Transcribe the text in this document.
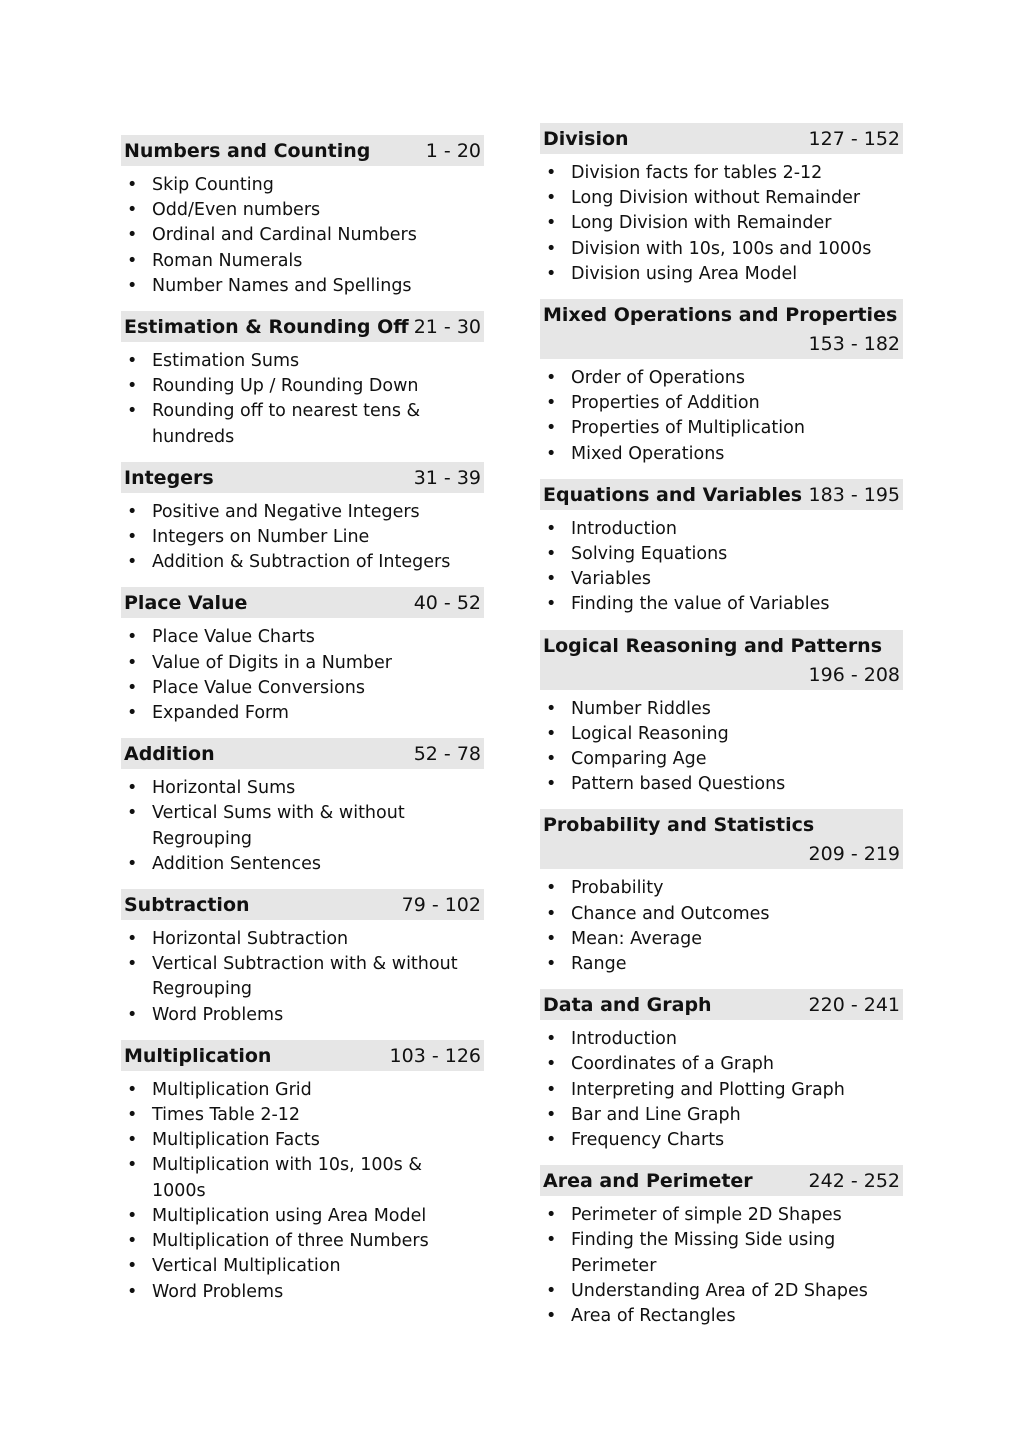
Numbers and Counting	1 - 20
• Skip Counting
• Odd/Even numbers
• Ordinal and Cardinal Numbers
• Roman Numerals
• Number Names and Spellings
Estimation & Rounding Off 21 - 30
• Estimation Sums
• Rounding Up / Rounding Down
• Rounding off to nearest tens & hundreds
Integers	31 - 39
• Positive and Negative Integers
• Integers on Number Line
• Addition & Subtraction of Integers
Place Value	40 - 52
• Place Value Charts
• Value of Digits in a Number
• Place Value Conversions
• Expanded Form
Addition	52 - 78
• Horizontal Sums
• Vertical Sums with & without Regrouping
• Addition Sentences
Subtraction	79 - 102
• Horizontal Subtraction
• Vertical Subtraction with & without Regrouping
• Word Problems
Multiplication	103 - 126
• Multiplication Grid
• Times Table 2-12
• Multiplication Facts
• Multiplication with 10s, 100s & 1000s
• Multiplication using Area Model
• Multiplication of three Numbers
• Vertical Multiplication
• Word Problems
Division	127 - 152
• Division facts for tables 2-12
• Long Division without Remainder
• Long Division with Remainder
• Division with 10s, 100s and 1000s
• Division using Area Model
Mixed Operations and Properties
153 - 182
• Order of Operations
• Properties of Addition
• Properties of Multiplication
• Mixed Operations
Equations and Variables 183 - 195
• Introduction
• Solving Equations
• Variables
• Finding the value of Variables
Logical Reasoning and Patterns
196 - 208
• Number Riddles
• Logical Reasoning
• Comparing Age
• Pattern based Questions
Probability and Statistics
209 - 219
• Probability
• Chance and Outcomes
• Mean: Average
• Range
Data and Graph	220 - 241
• Introduction
• Coordinates of a Graph
• Interpreting and Plotting Graph
• Bar and Line Graph
• Frequency Charts
Area and Perimeter	242 - 252
• Perimeter of simple 2D Shapes
• Finding the Missing Side using Perimeter
• Understanding Area of 2D Shapes
• Area of Rectangles
